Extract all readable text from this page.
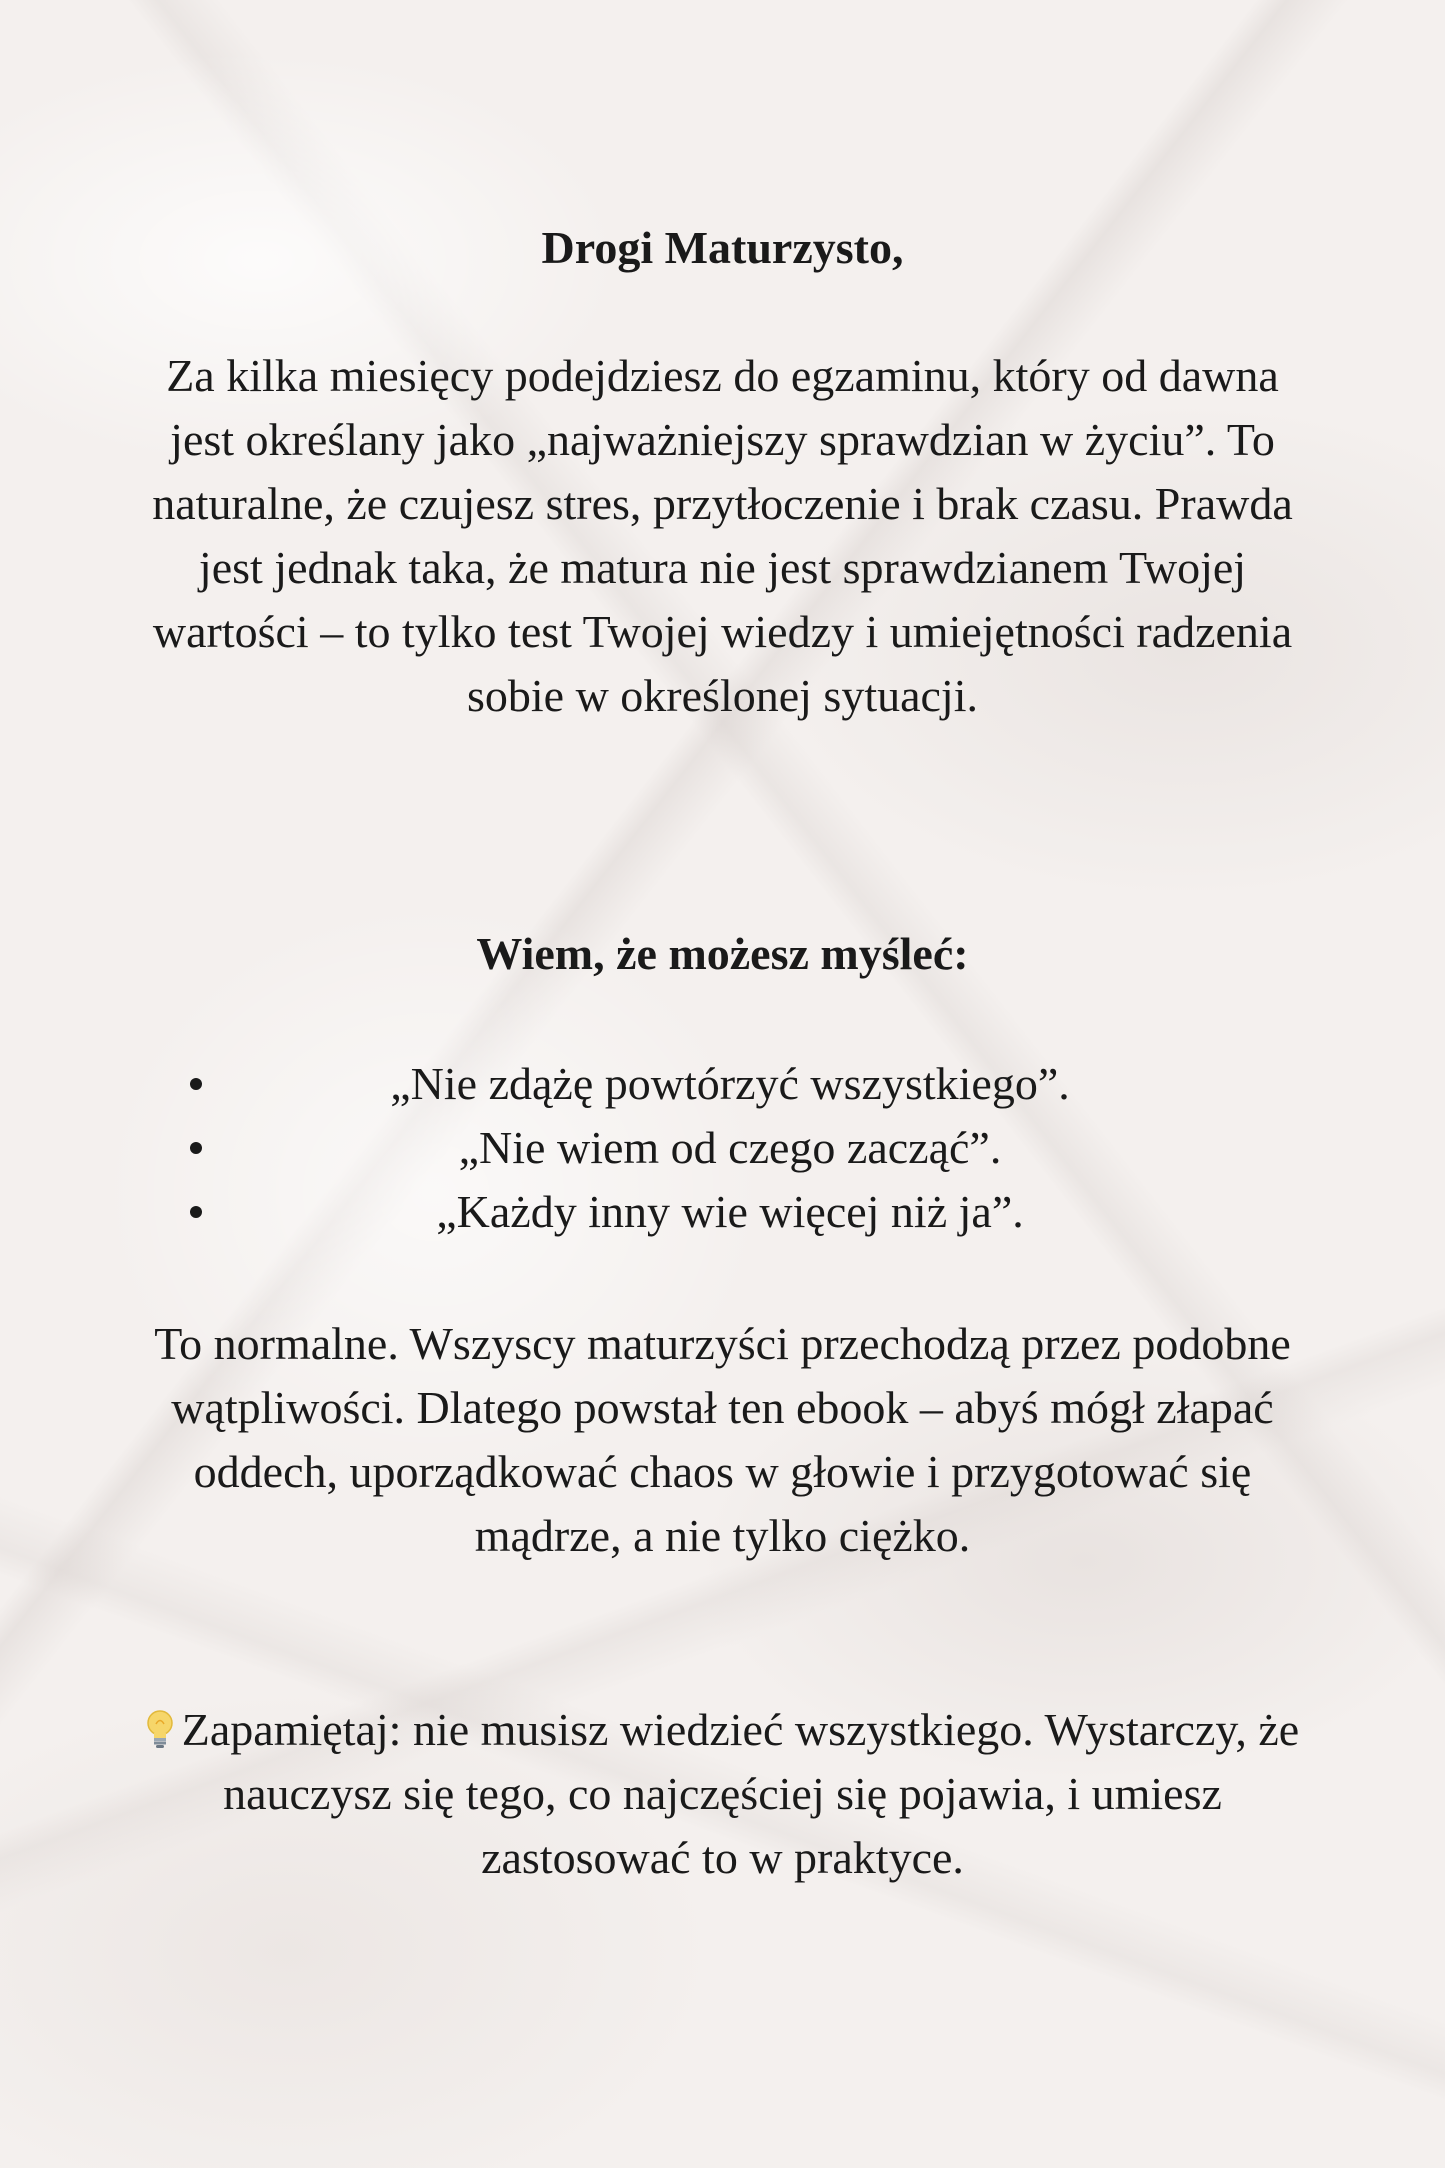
Drogi Maturzysto,
Za kilka miesięcy podejdziesz do egzaminu, który od dawna jest określany jako „najważniejszy sprawdzian w życiu”. To naturalne, że czujesz stres, przytłoczenie i brak czasu. Prawda jest jednak taka, że matura nie jest sprawdzianem Twojej wartości – to tylko test Twojej wiedzy i umiejętności radzenia sobie w określonej sytuacji.
Wiem, że możesz myśleć:
„Nie zdążę powtórzyć wszystkiego”.
„Nie wiem od czego zacząć”.
„Każdy inny wie więcej niż ja”.
To normalne. Wszyscy maturzyści przechodzą przez podobne wątpliwości. Dlatego powstał ten ebook – abyś mógł złapać oddech, uporządkować chaos w głowie i przygotować się mądrze, a nie tylko ciężko.
Zapamiętaj: nie musisz wiedzieć wszystkiego. Wystarczy, że nauczysz się tego, co najczęściej się pojawia, i umiesz zastosować to w praktyce.
